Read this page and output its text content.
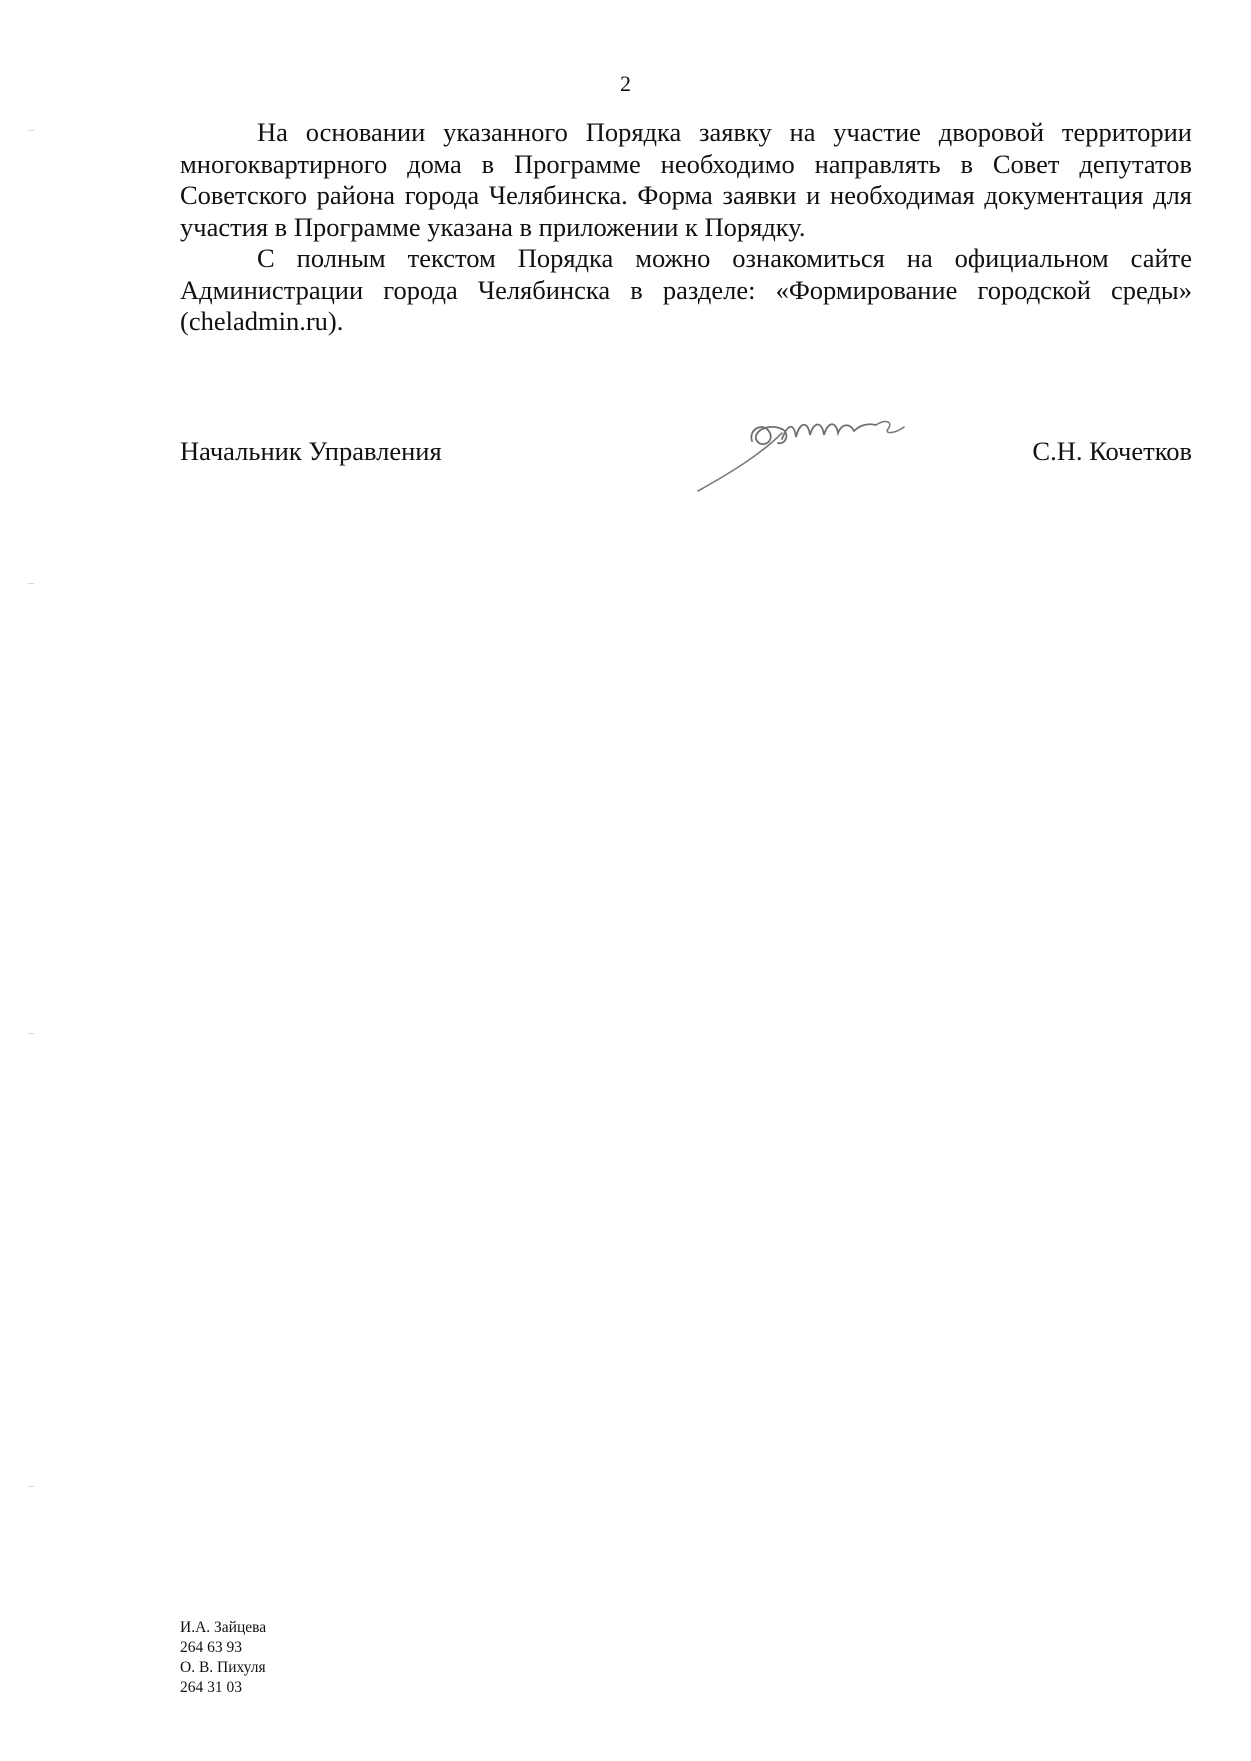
2

На основании указанного Порядка заявку на участие дворовой территории многоквартирного дома в Программе необходимо направлять в Совет депутатов Советского района города Челябинска. Форма заявки и необходимая документация для участия в Программе указана в приложении к Порядку.

С полным текстом Порядка можно ознакомиться на официальном сайте Администрации города Челябинска в разделе: «Формирование городской среды» (cheladmin.ru).

Начальник Управления	С.Н. Кочетков
И.А. Зайцева
264 63 93
О. В. Пихуля
264 31 03
